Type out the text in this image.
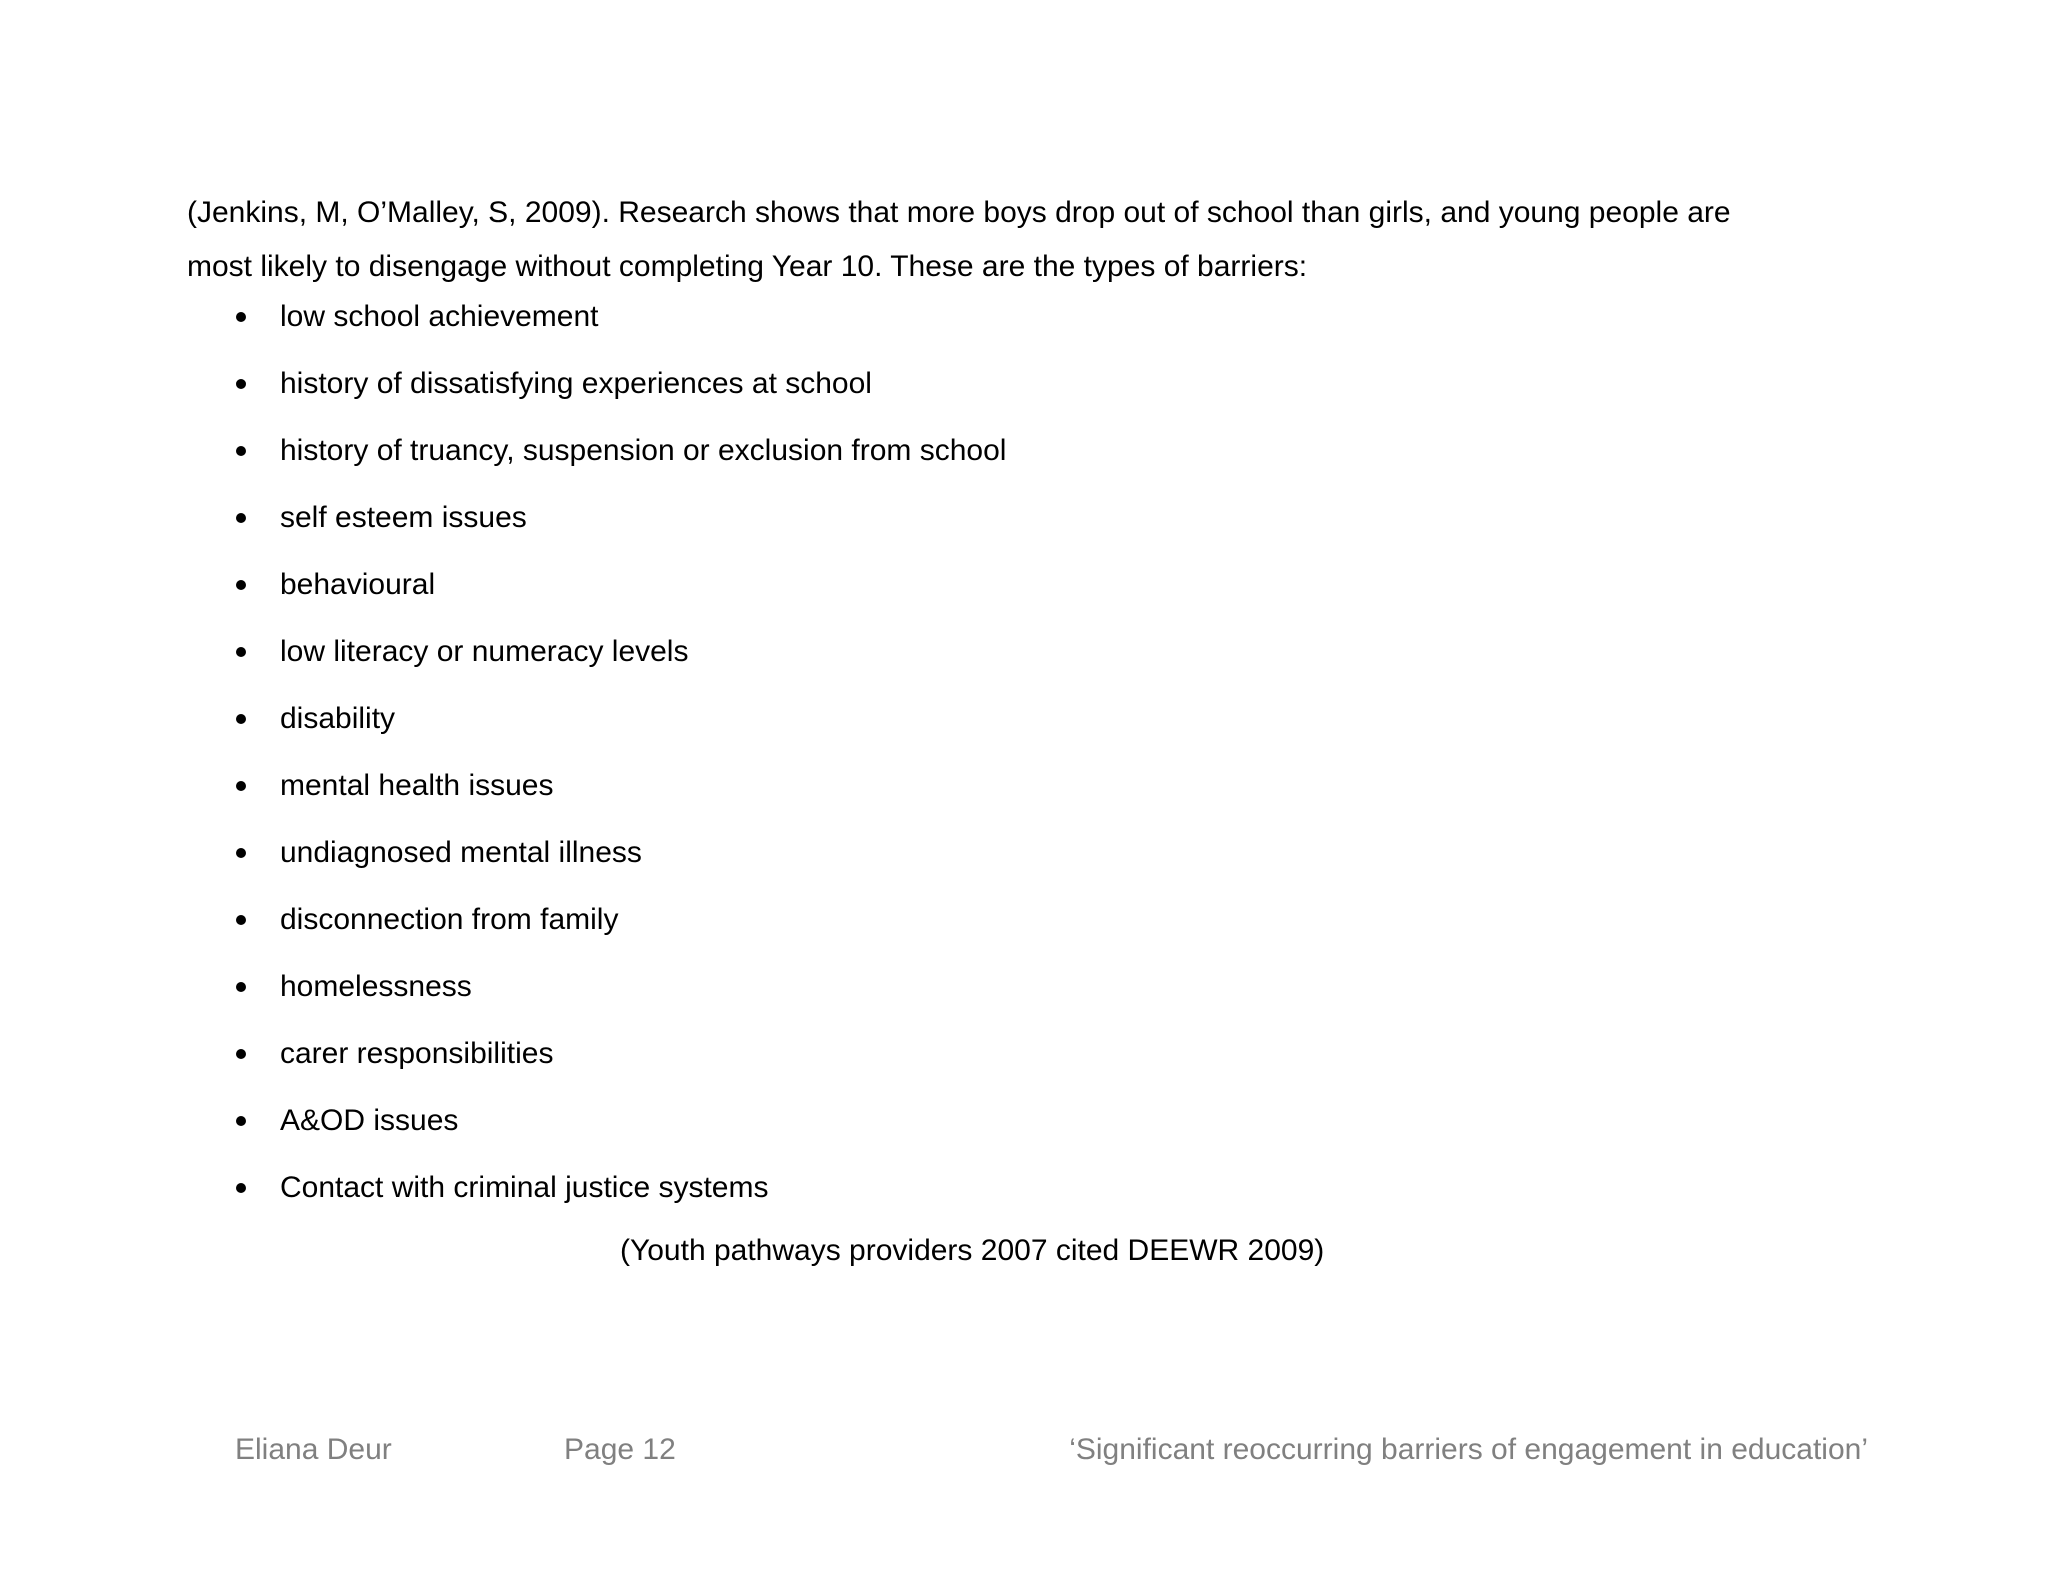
(Jenkins, M, O’Malley, S, 2009). Research shows that more boys drop out of school than girls, and young people are
most likely to disengage without completing Year 10. These are the types of barriers:

low school achievement
history of dissatisfying experiences at school
history of truancy, suspension or exclusion from school
self esteem issues
behavioural
low literacy or numeracy levels
disability
mental health issues
undiagnosed mental illness
disconnection from family
homelessness
carer responsibilities
A&OD issues
Contact with criminal justice systems

(Youth pathways providers 2007 cited DEEWR 2009)

Eliana Deur	Page 12	‘Significant reoccurring barriers of engagement in education’
